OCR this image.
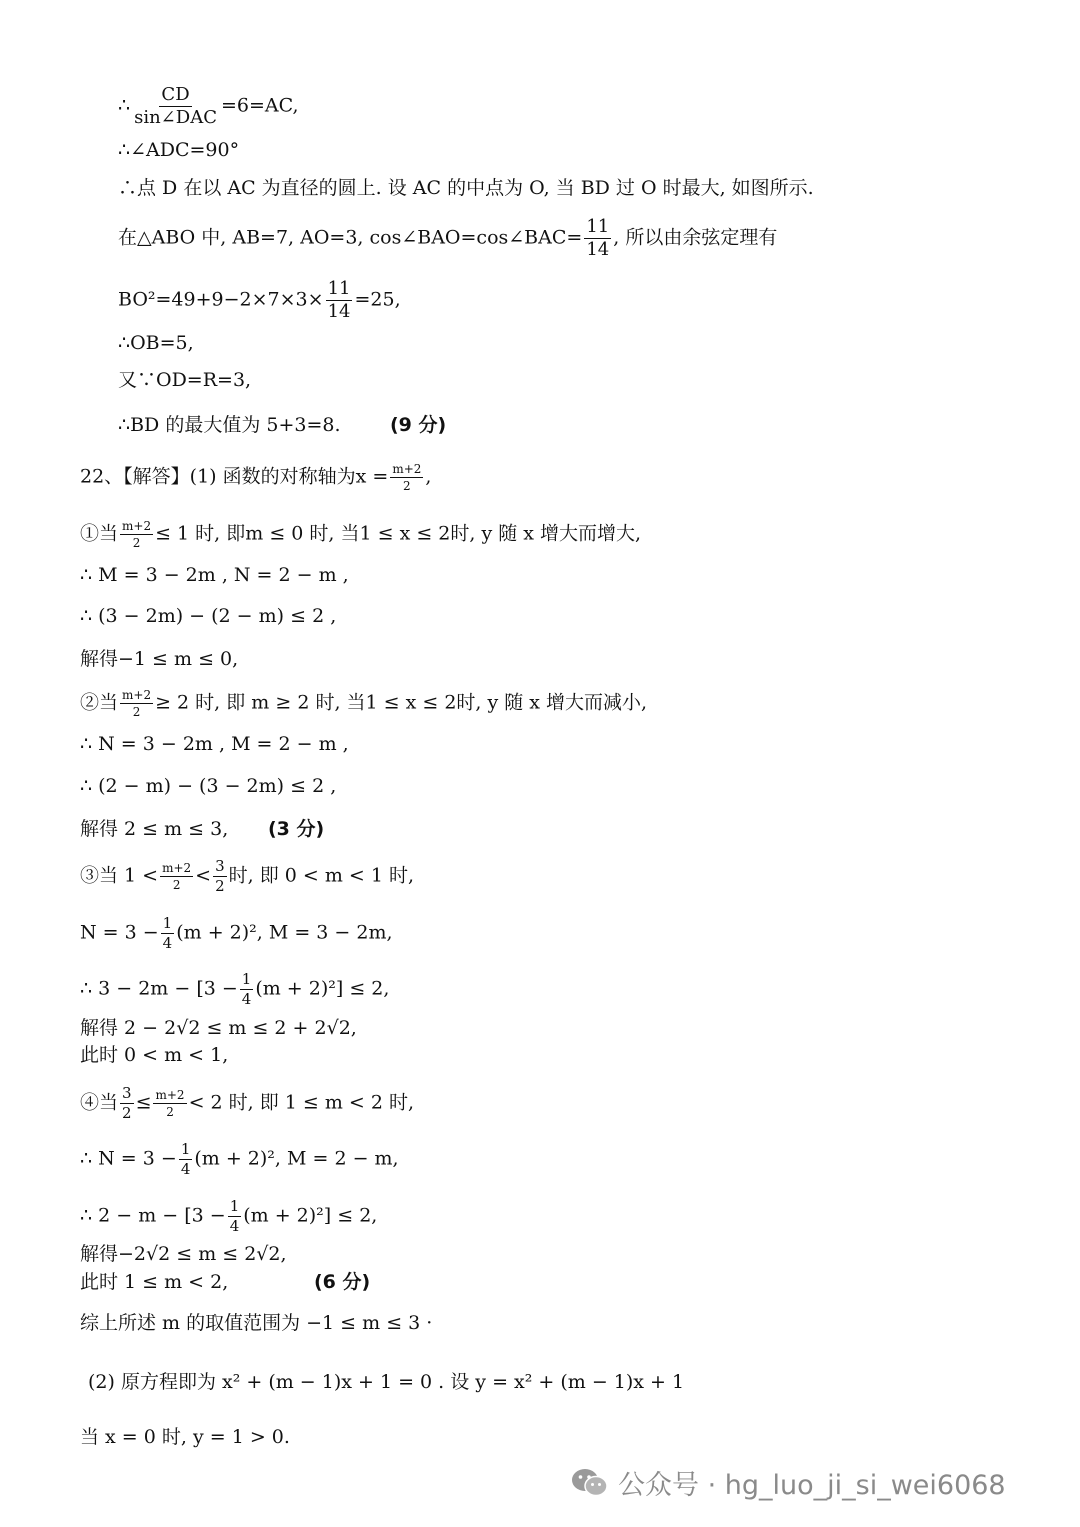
∴ $\frac{CD}{\text{sin∠DAC}} =6=AC$,
∴∠ADC=90°
∴点 D 在以 AC 为直径的圆上. 设 AC 的中点为 O, 当 BD 过 O 时最大, 如图所示.
在△ABO 中, AB=7, AO=3, cos∠BAO=cos∠BAC= $\frac{11}{14}$ , 所以由余弦定理有
$BO^2=49+9-2\times 7\times 3\times \frac{11}{14} =25$,
∴OB=5,
又∵OD=R=3,
∴BD 的最大值为 5+3=8.	(9 分)
22、【解答】(1) 函数的对称轴为$x = \frac{m+2}{2}$ ,
①当 $\frac{m+2}{2} \le 1$ 时, 即m ≤ 0 时, 当1 ≤ x ≤ 2时, y 随 x 增大而增大,
∴ M = 3 − 2m , N = 2 − m ,
∴ (3 − 2m) − (2 − m) ≤ 2 ,
解得−1 ≤ m ≤ 0,
②当 $\frac{m+2}{2} \ge 2$ 时, 即 m ≥ 2 时, 当1 ≤ x ≤ 2时, y 随 x 增大而减小,
∴ N = 3 − 2m , M = 2 − m ,
∴ (2 − m) − (3 − 2m) ≤ 2 ,
解得 2 ≤ m ≤ 3, (3 分)
③当 $1 < \frac{m+2}{2} < \frac{3}{2}$ 时, 即 0 < m < 1 时,
$N = 3 - \frac{1}{4} (m + 2)^2$, M = 3 − 2m,
∴ $3 - 2m - [3 - \frac{1}{4} (m + 2)^2] \le 2$,
解得 2 − 2√2 ≤ m ≤ 2 + 2√2,
此时 0 < m < 1,
④当 $\frac{3}{2} \le \frac{m+2}{2} < 2$ 时, 即 1 ≤ m < 2 时,
∴ $N = 3 - \frac{1}{4} (m + 2)^2$, M = 2 − m,
∴ $2 - m - [3 - \frac{1}{4} (m + 2)^2] \le 2$,
解得−2√2 ≤ m ≤ 2√2,
此时 1 ≤ m < 2,	(6 分)
综上所述 m 的取值范围为 −1 ≤ m ≤ 3 ·
(2) 原方程即为 x² + (m − 1)x + 1 = 0 . 设 y = x² + (m − 1)x + 1
当 x = 0 时, y = 1 > 0.
公众号 · hg_luo_ji_si_wei6068
